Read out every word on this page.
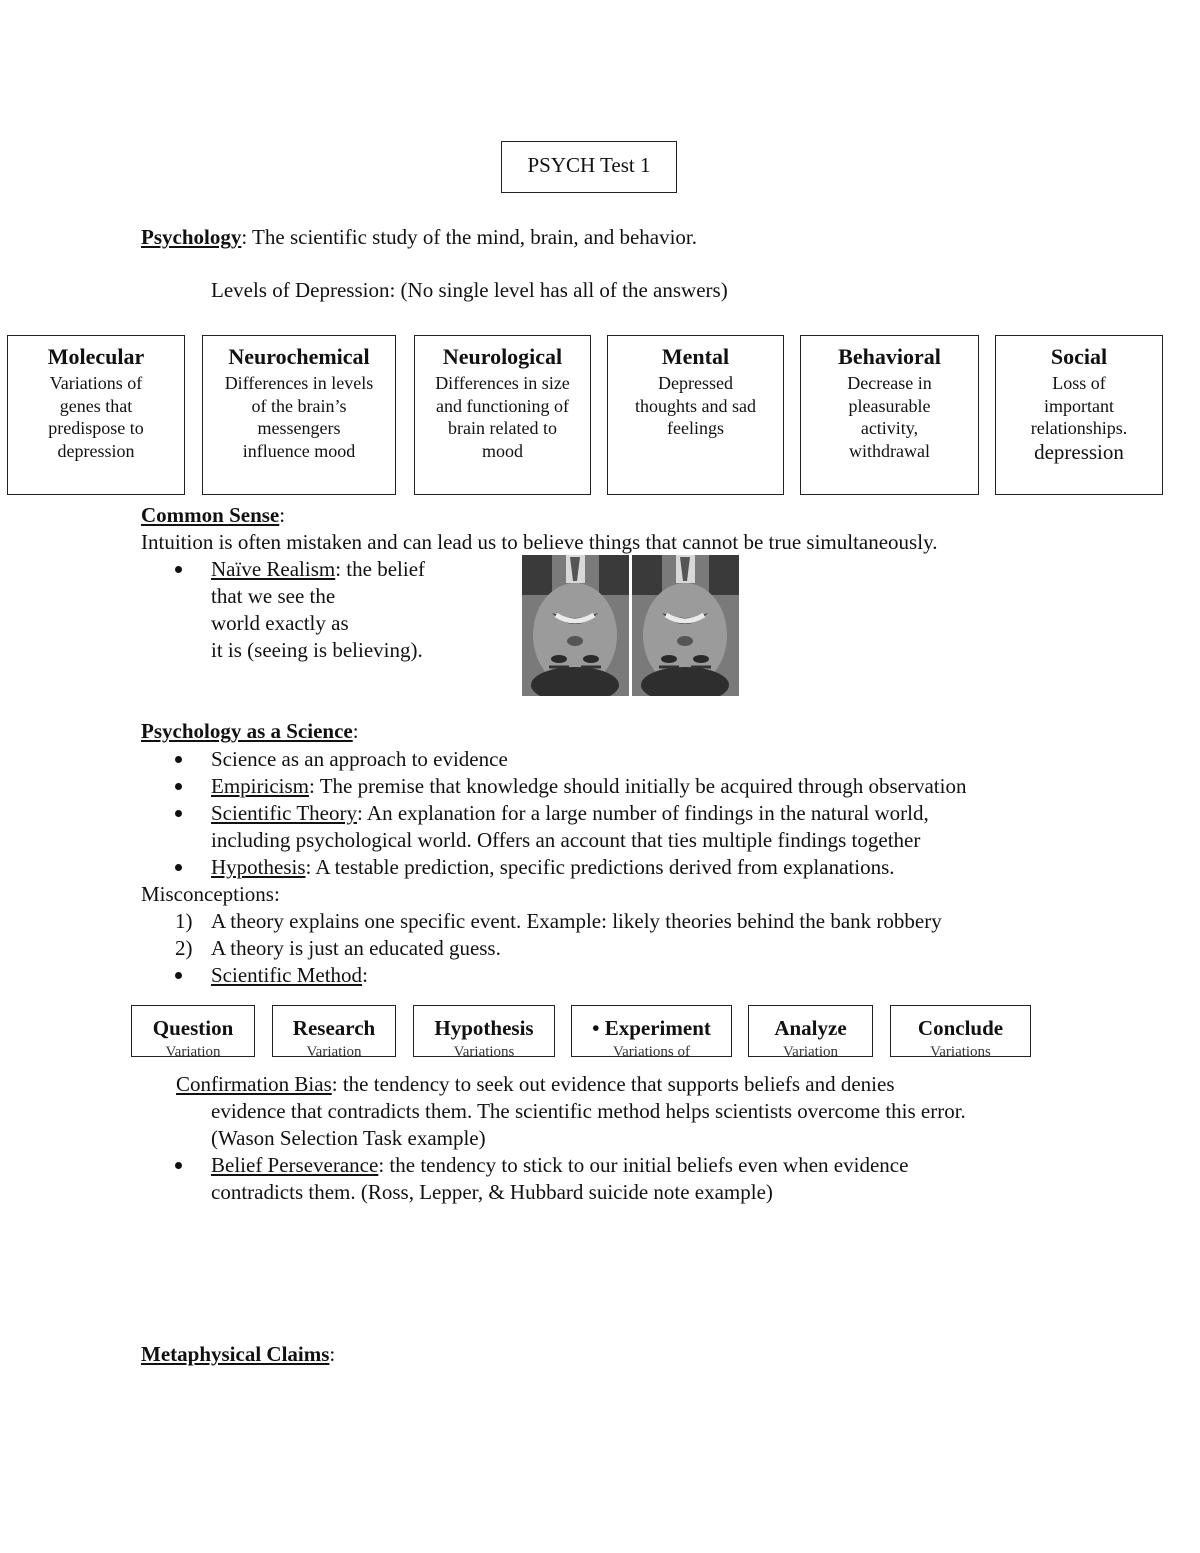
PSYCH Test 1
Psychology: The scientific study of the mind, brain, and behavior.
Levels of Depression: (No single level has all of the answers)
Molecular
Variations of
genes that
predispose to
depression
Neurochemical
Differences in levels
of the brain’s
messengers
influence mood
Neurological
Differences in size
and functioning of
brain related to
mood
Mental
Depressed
thoughts and sad
feelings
Behavioral
Decrease in
pleasurable
activity,
withdrawal
Social
Loss of
important
relationships.
depression
Common Sense:
Intuition is often mistaken and can lead us to believe things that cannot be true simultaneously.
Naïve Realism: the belief
that we see the
world exactly as
it is (seeing is believing).
Psychology as a Science:
Science as an approach to evidence
Empiricism: The premise that knowledge should initially be acquired through observation
Scientific Theory: An explanation for a large number of findings in the natural world,
including psychological world. Offers an account that ties multiple findings together
Hypothesis: A testable prediction, specific predictions derived from explanations.
Misconceptions:
1) A theory explains one specific event. Example: likely theories behind the bank robbery
2) A theory is just an educated guess.
Scientific Method:
Question
Variation
Research
Variation
Hypothesis
Variations
• Experiment
Variations of
Analyze
Variation
Conclude
Variations
Confirmation Bias: the tendency to seek out evidence that supports beliefs and denies
evidence that contradicts them. The scientific method helps scientists overcome this error.
(Wason Selection Task example)
Belief Perseverance: the tendency to stick to our initial beliefs even when evidence
contradicts them. (Ross, Lepper, & Hubbard suicide note example)
Metaphysical Claims:
